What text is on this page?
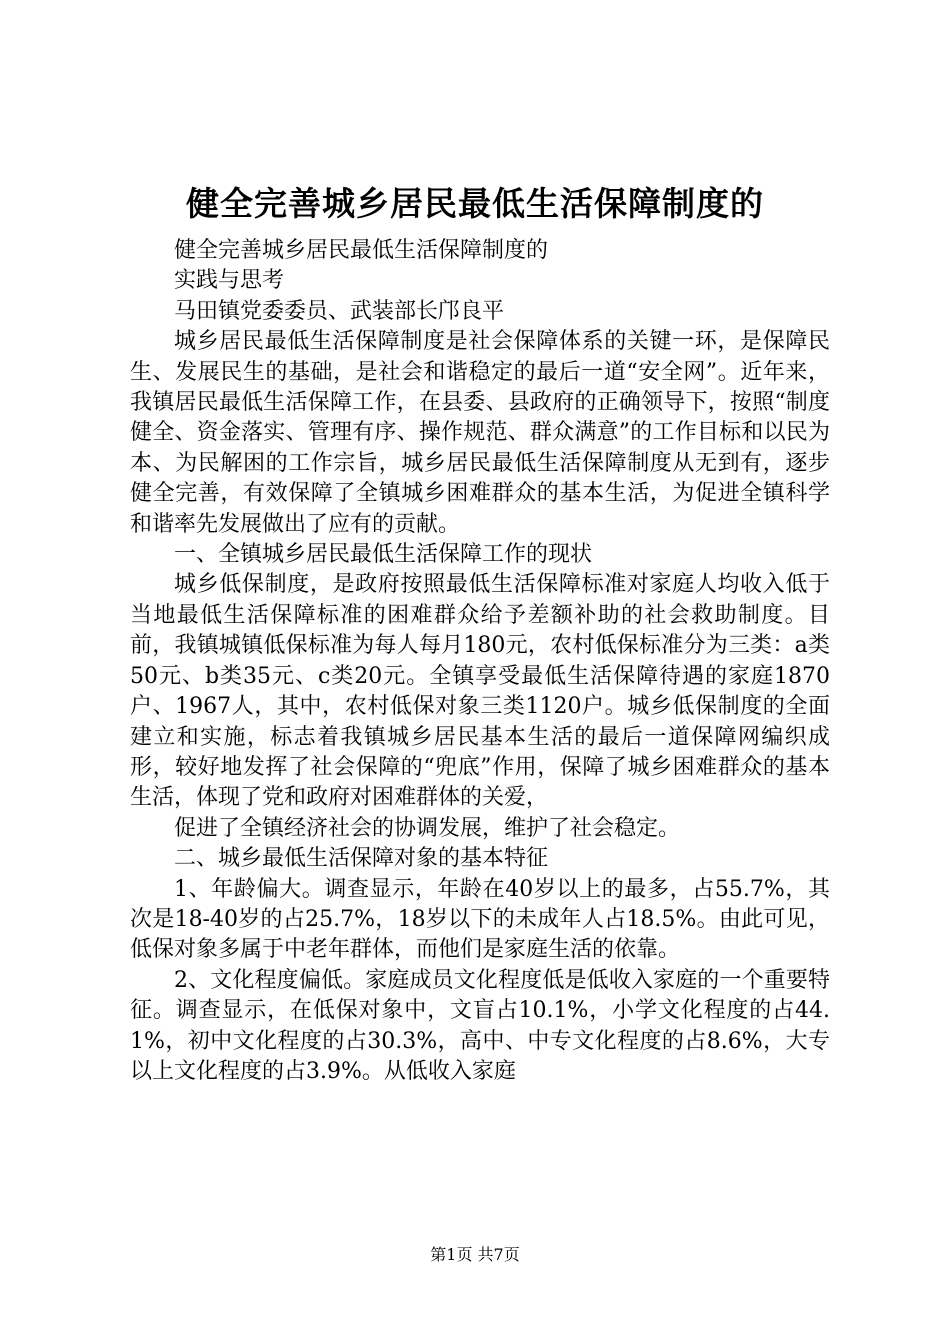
健全完善城乡居民最低生活保障制度的

健全完善城乡居民最低生活保障制度的

实践与思考

马田镇党委委员、武装部长邝良平

城乡居民最低生活保障制度是社会保障体系的关键一环，是保障民生、发展民生的基础，是社会和谐稳定的最后一道“安全网”。近年来，我镇居民最低生活保障工作，在县委、县政府的正确领导下，按照“制度健全、资金落实、管理有序、操作规范、群众满意”的工作目标和以民为本、为民解困的工作宗旨，城乡居民最低生活保障制度从无到有，逐步健全完善，有效保障了全镇城乡困难群众的基本生活，为促进全镇科学和谐率先发展做出了应有的贡献。

一、全镇城乡居民最低生活保障工作的现状

城乡低保制度，是政府按照最低生活保障标准对家庭人均收入低于当地最低生活保障标准的困难群众给予差额补助的社会救助制度。目前，我镇城镇低保标准为每人每月180元，农村低保标准分为三类：a类50元、b类35元、c类20元。全镇享受最低生活保障待遇的家庭1870户、1967人，其中，农村低保对象三类1120户。城乡低保制度的全面建立和实施，标志着我镇城乡居民基本生活的最后一道保障网编织成形，较好地发挥了社会保障的“兜底”作用，保障了城乡困难群众的基本生活，体现了党和政府对困难群体的关爱，

促进了全镇经济社会的协调发展，维护了社会稳定。

二、城乡最低生活保障对象的基本特征

1、年龄偏大。调查显示，年龄在40岁以上的最多，占55.7%，其次是18-40岁的占25.7%，18岁以下的未成年人占18.5%。由此可见，低保对象多属于中老年群体，而他们是家庭生活的依靠。

2、文化程度偏低。家庭成员文化程度低是低收入家庭的一个重要特征。调查显示，在低保对象中，文盲占10.1%，小学文化程度的占44.1%，初中文化程度的占30.3%，高中、中专文化程度的占8.6%，大专以上文化程度的占3.9%。从低收入家庭

第1页 共7页
